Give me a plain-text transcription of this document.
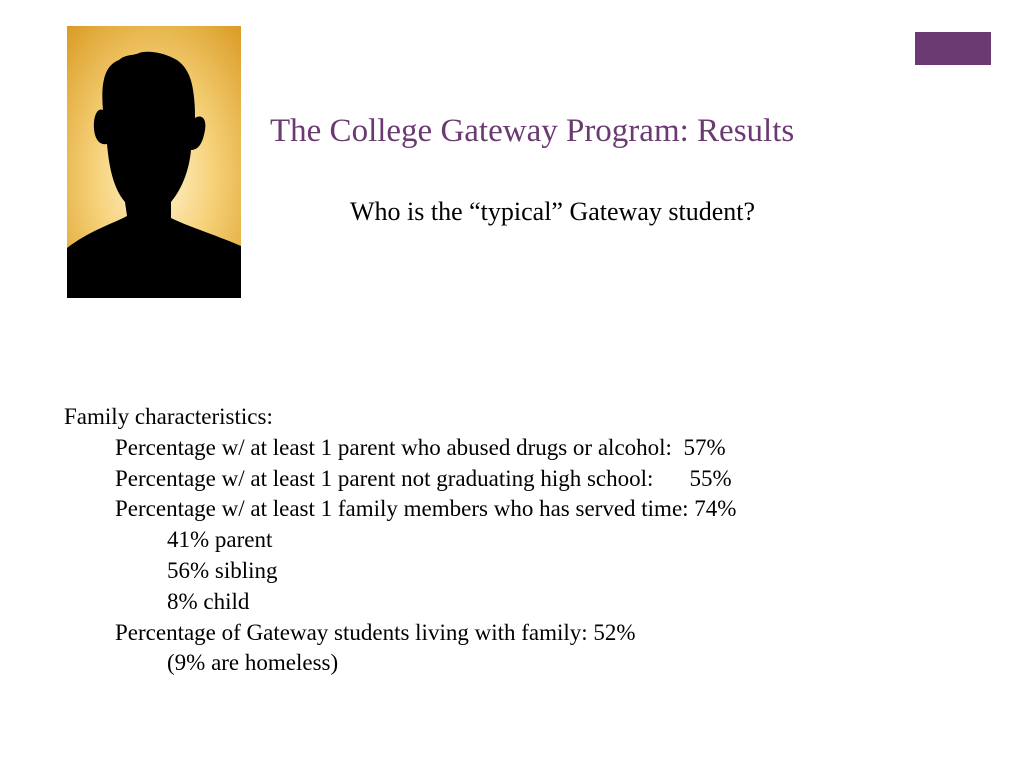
The College Gateway Program: Results
Who is the “typical” Gateway student?
Family characteristics:
Percentage w/ at least 1 parent who abused drugs or alcohol: 57%
Percentage w/ at least 1 parent not graduating high school: 55%
Percentage w/ at least 1 family members who has served time: 74%
41% parent
56% sibling
8% child
Percentage of Gateway students living with family: 52%
(9% are homeless)
